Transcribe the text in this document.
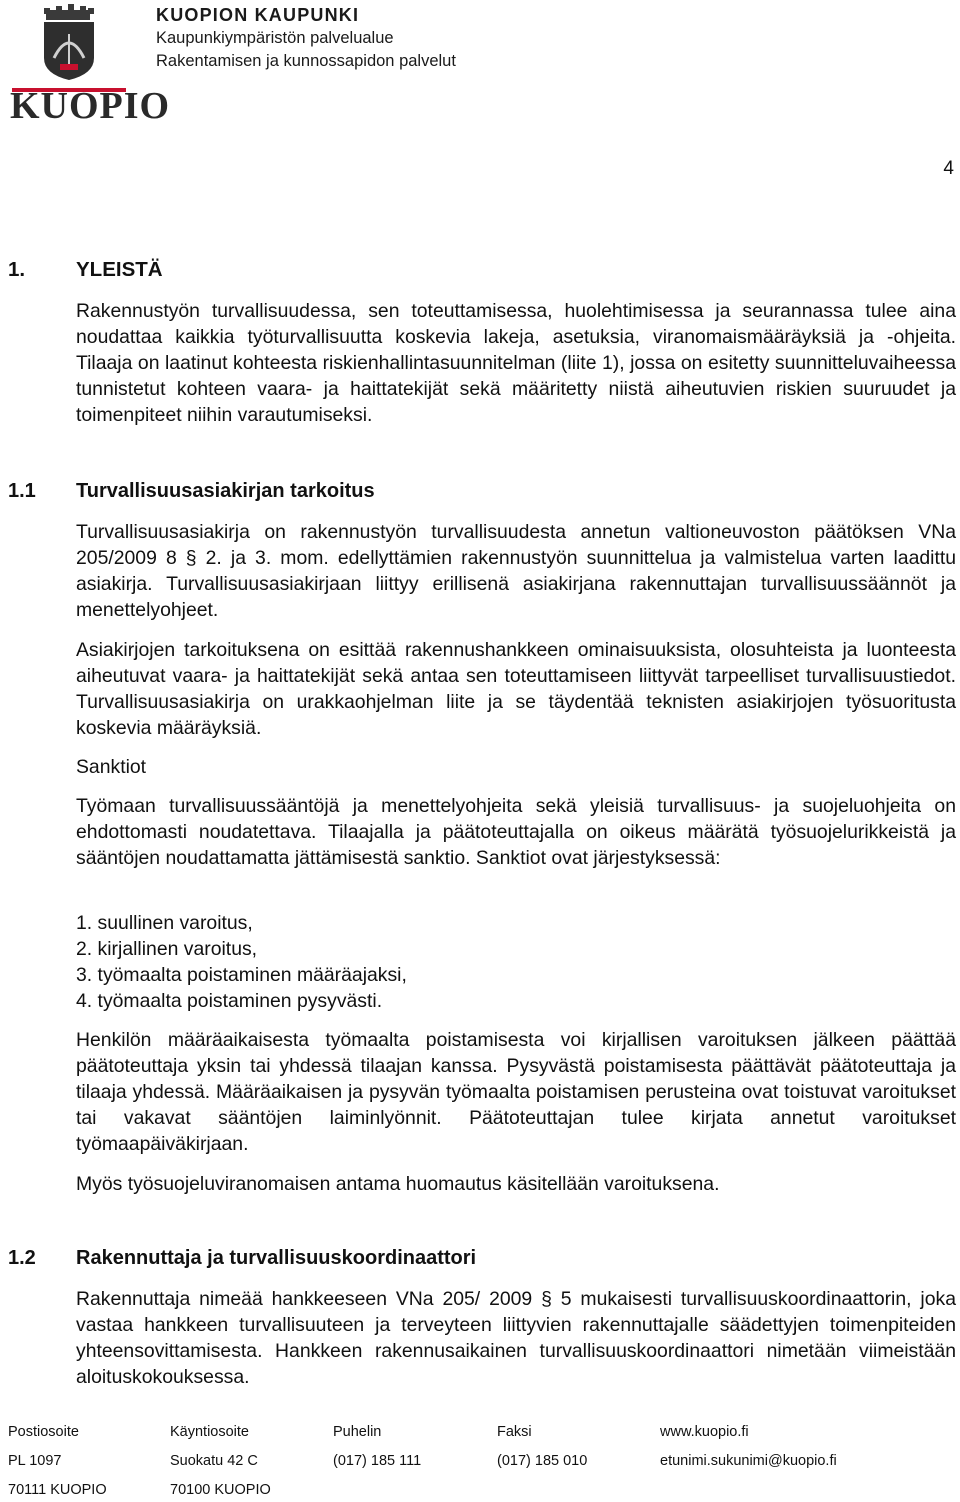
KUOPIO
KUOPION KAUPUNKI
Kaupunkiympäristön palvelualue
Rakentamisen ja kunnossapidon palvelut
4
1. YLEISTÄ

Rakennustyön turvallisuudessa, sen toteuttamisessa, huolehtimisessa ja seurannassa tulee aina noudattaa kaikkia työturvallisuutta koskevia lakeja, asetuksia, viranomaismääräyksiä ja -ohjeita. Tilaaja on laatinut kohteesta riskienhallintasuunnitelman (liite 1), jossa on esitetty suunnitteluvaiheessa tunnistetut kohteen vaara- ja haittatekijät sekä määritetty niistä aiheutuvien riskien suuruudet ja toimenpiteet niihin varautumiseksi.

1.1 Turvallisuusasiakirjan tarkoitus

Turvallisuusasiakirja on rakennustyön turvallisuudesta annetun valtioneuvoston päätöksen VNa 205/2009 8 § 2. ja 3. mom. edellyttämien rakennustyön suunnittelua ja valmistelua varten laadittu asiakirja. Turvallisuusasiakirjaan liittyy erillisenä asiakirjana rakennuttajan turvallisuussäännöt ja menettelyohjeet.

Asiakirjojen tarkoituksena on esittää rakennushankkeen ominaisuuksista, olosuhteista ja luonteesta aiheutuvat vaara- ja haittatekijät sekä antaa sen toteuttamiseen liittyvät tarpeelliset turvallisuustiedot. Turvallisuusasiakirja on urakkaohjelman liite ja se täydentää teknisten asiakirjojen työsuoritusta koskevia määräyksiä.

Sanktiot

Työmaan turvallisuussääntöjä ja menettelyohjeita sekä yleisiä turvallisuus- ja suojeluohjeita on ehdottomasti noudatettava. Tilaajalla ja päätoteuttajalla on oikeus määrätä työsuojelurikkeistä ja sääntöjen noudattamatta jättämisestä sanktio. Sanktiot ovat järjestyksessä:

1. suullinen varoitus,
2. kirjallinen varoitus,
3. työmaalta poistaminen määräajaksi,
4. työmaalta poistaminen pysyvästi.

Henkilön määräaikaisesta työmaalta poistamisesta voi kirjallisen varoituksen jälkeen päättää päätoteuttaja yksin tai yhdessä tilaajan kanssa. Pysyvästä poistamisesta päättävät päätoteuttaja ja tilaaja yhdessä. Määräaikaisen ja pysyvän työmaalta poistamisen perusteina ovat toistuvat varoitukset tai vakavat sääntöjen laiminlyönnit. Päätoteuttajan tulee kirjata annetut varoitukset työmaapäiväkirjaan.

Myös työsuojeluviranomaisen antama huomautus käsitellään varoituksena.

1.2 Rakennuttaja ja turvallisuuskoordinaattori

Rakennuttaja nimeää hankkeeseen VNa 205/ 2009 § 5 mukaisesti turvallisuuskoordinaattorin, joka vastaa hankkeen turvallisuuteen ja terveyteen liittyvien rakennuttajalle säädettyjen toimenpiteiden yhteensovittamisesta. Hankkeen rakennusaikainen turvallisuuskoordinaattori nimetään viimeistään aloituskokouksessa.

Postiosoite	Käyntiosoite	Puhelin	Faksi	www.kuopio.fi
PL 1097	Suokatu 42 C	(017) 185 111	(017) 185 010	etunimi.sukunimi@kuopio.fi
70111 KUOPIO	70100 KUOPIO
